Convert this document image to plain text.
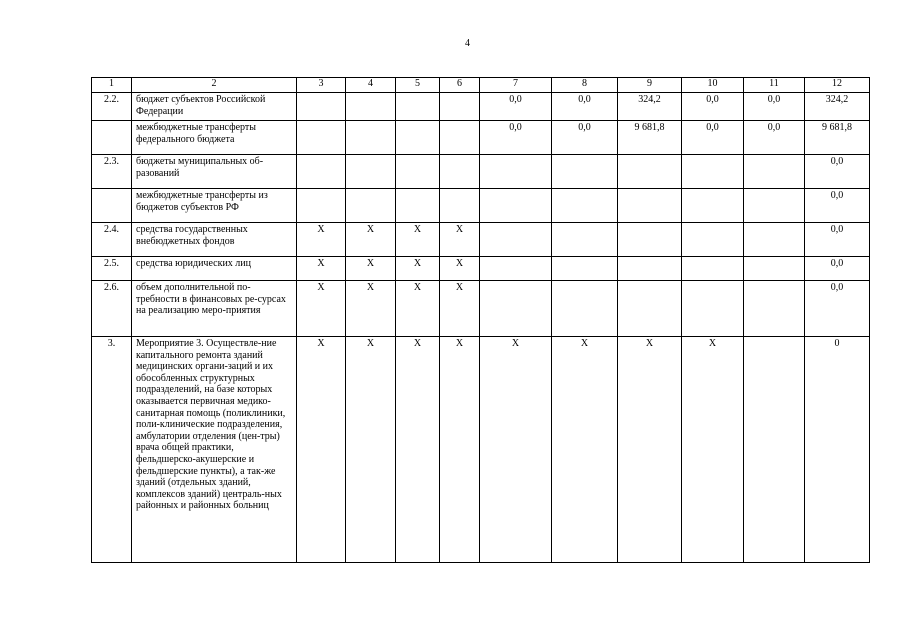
4
1	2	3	4	5	6	7	8	9	10	11	12
2.2.	бюджет субъектов Российской Федерации					0,0	0,0	324,2	0,0	0,0	324,2
	межбюджетные трансферты федерального бюджета					0,0	0,0	9 681,8	0,0	0,0	9 681,8
2.3.	бюджеты муниципальных об-разований										0,0
	межбюджетные трансферты из бюджетов субъектов РФ										0,0
2.4.	средства государственных внебюджетных фондов	X	X	X	X						0,0
2.5.	средства юридических лиц	X	X	X	X						0,0
2.6.	объем дополнительной по-требности в финансовых ре-сурсах на реализацию меро-приятия	X	X	X	X						0,0
3.	Мероприятие 3. Осуществле-ние капитального ремонта зданий медицинских органи-заций и их обособленных структурных подразделений, на базе которых оказывается первичная медико-санитарная помощь (поликлиники, поли-клинические подразделения, амбулатории отделения (цен-тры) врача общей практики, фельдшерско-акушерские и фельдшерские пункты), а так-же зданий (отдельных зданий, комплексов зданий) централь-ных районных и районных больниц	X	X	X	X	X	X	X	X		0
